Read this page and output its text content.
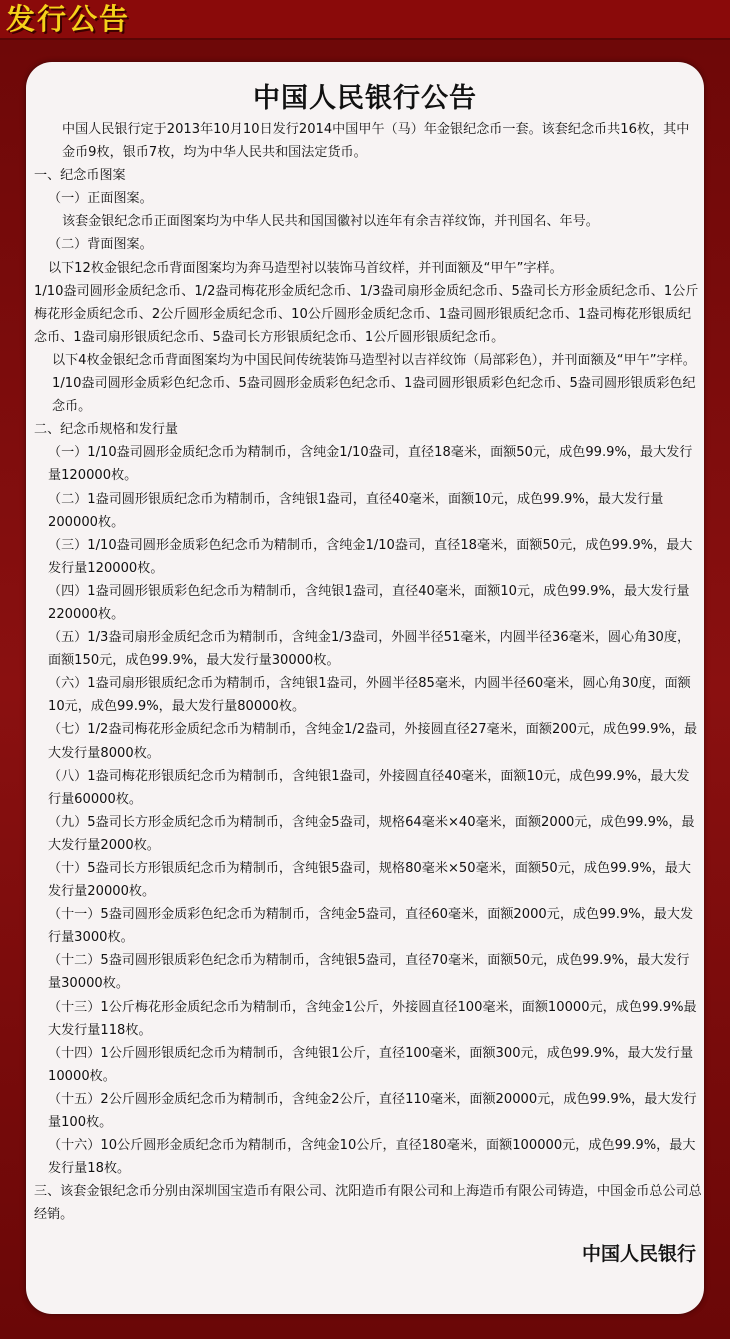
发行公告
中国人民银行公告

中国人民银行定于2013年10月10日发行2014中国甲午（马）年金银纪念币一套。该套纪念币共16枚，其中金币9枚，银币7枚，均为中华人民共和国法定货币。

一、纪念币图案

（一）正面图案。

该套金银纪念币正面图案均为中华人民共和国国徽衬以连年有余吉祥纹饰，并刊国名、年号。

（二）背面图案。

以下12枚金银纪念币背面图案均为奔马造型衬以装饰马首纹样，并刊面额及“甲午”字样。

1/10盎司圆形金质纪念币、1/2盎司梅花形金质纪念币、1/3盎司扇形金质纪念币、5盎司长方形金质纪念币、1公斤梅花形金质纪念币、2公斤圆形金质纪念币、10公斤圆形金质纪念币、1盎司圆形银质纪念币、1盎司梅花形银质纪念币、1盎司扇形银质纪念币、5盎司长方形银质纪念币、1公斤圆形银质纪念币。

以下4枚金银纪念币背面图案均为中国民间传统装饰马造型衬以吉祥纹饰（局部彩色），并刊面额及“甲午”字样。1/10盎司圆形金质彩色纪念币、5盎司圆形金质彩色纪念币、1盎司圆形银质彩色纪念币、5盎司圆形银质彩色纪念币。

二、纪念币规格和发行量

（一）1/10盎司圆形金质纪念币为精制币，含纯金1/10盎司，直径18毫米，面额50元，成色99.9%，最大发行量120000枚。

（二）1盎司圆形银质纪念币为精制币，含纯银1盎司，直径40毫米，面额10元，成色99.9%，最大发行量200000枚。

（三）1/10盎司圆形金质彩色纪念币为精制币，含纯金1/10盎司，直径18毫米，面额50元，成色99.9%，最大发行量120000枚。

（四）1盎司圆形银质彩色纪念币为精制币，含纯银1盎司，直径40毫米，面额10元，成色99.9%，最大发行量220000枚。

（五）1/3盎司扇形金质纪念币为精制币，含纯金1/3盎司，外圆半径51毫米，内圆半径36毫米，圆心角30度，面额150元，成色99.9%，最大发行量30000枚。

（六）1盎司扇形银质纪念币为精制币，含纯银1盎司，外圆半径85毫米，内圆半径60毫米，圆心角30度，面额10元，成色99.9%，最大发行量80000枚。

（七）1/2盎司梅花形金质纪念币为精制币，含纯金1/2盎司，外接圆直径27毫米，面额200元，成色99.9%，最大发行量8000枚。

（八）1盎司梅花形银质纪念币为精制币，含纯银1盎司，外接圆直径40毫米，面额10元，成色99.9%，最大发行量60000枚。

（九）5盎司长方形金质纪念币为精制币，含纯金5盎司，规格64毫米×40毫米，面额2000元，成色99.9%，最大发行量2000枚。

（十）5盎司长方形银质纪念币为精制币，含纯银5盎司，规格80毫米×50毫米，面额50元，成色99.9%，最大发行量20000枚。

（十一）5盎司圆形金质彩色纪念币为精制币，含纯金5盎司，直径60毫米，面额2000元，成色99.9%，最大发行量3000枚。

（十二）5盎司圆形银质彩色纪念币为精制币，含纯银5盎司，直径70毫米，面额50元，成色99.9%，最大发行量30000枚。

（十三）1公斤梅花形金质纪念币为精制币，含纯金1公斤，外接圆直径100毫米，面额10000元，成色99.9%最大发行量118枚。

（十四）1公斤圆形银质纪念币为精制币，含纯银1公斤，直径100毫米，面额300元，成色99.9%，最大发行量10000枚。

（十五）2公斤圆形金质纪念币为精制币，含纯金2公斤，直径110毫米，面额20000元，成色99.9%，最大发行量100枚。

（十六）10公斤圆形金质纪念币为精制币，含纯金10公斤，直径180毫米，面额100000元，成色99.9%，最大发行量18枚。

三、该套金银纪念币分别由深圳国宝造币有限公司、沈阳造币有限公司和上海造币有限公司铸造，中国金币总公司总经销。

中国人民银行
